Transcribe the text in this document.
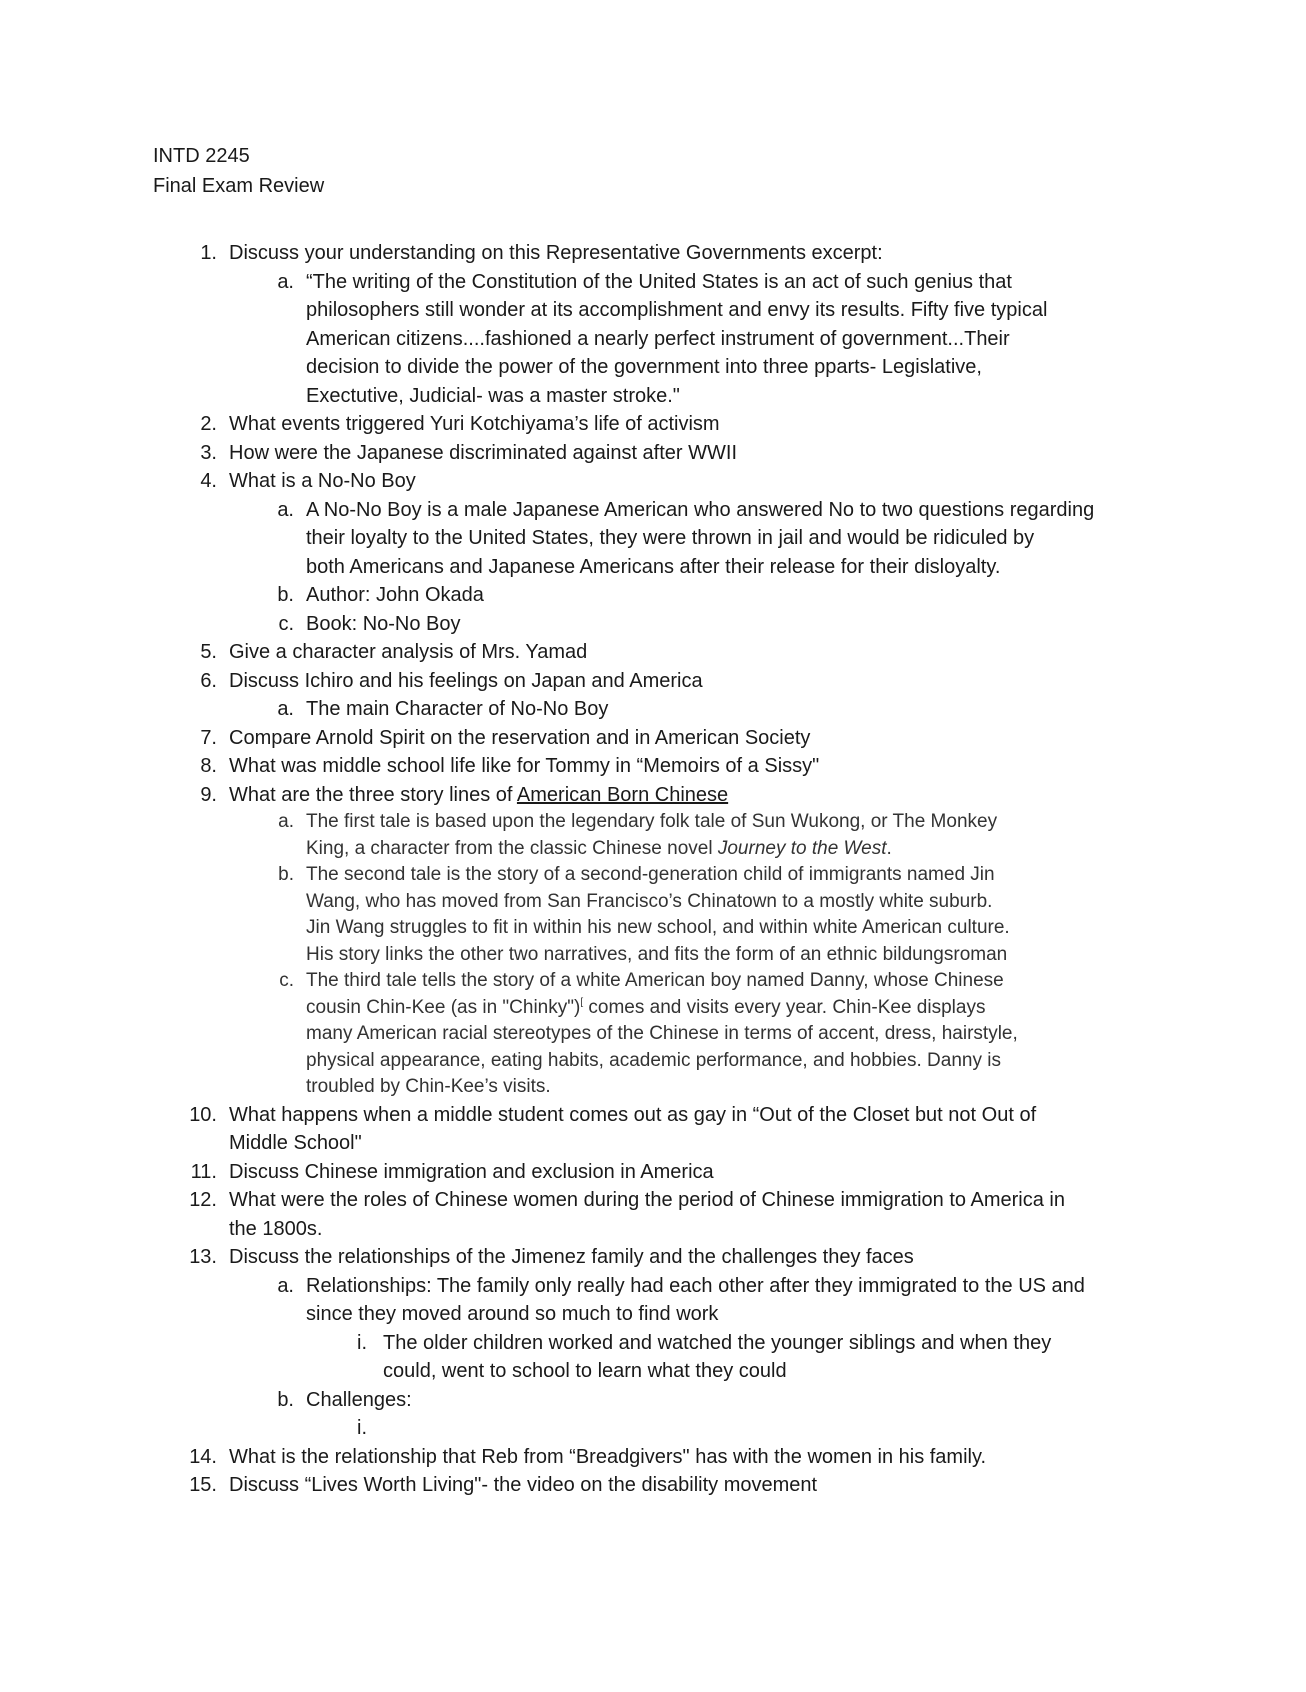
INTD 2245
Final Exam Review
1. Discuss your understanding on this Representative Governments excerpt:
a. “The writing of the Constitution of the United States is an act of such genius that
philosophers still wonder at its accomplishment and envy its results. Fifty five typical
American citizens....fashioned a nearly perfect instrument of government...Their
decision to divide the power of the government into three pparts- Legislative,
Exectutive, Judicial- was a master stroke."
2. What events triggered Yuri Kotchiyama’s life of activism
3. How were the Japanese discriminated against after WWII
4. What is a No-No Boy
a. A No-No Boy is a male Japanese American who answered No to two questions regarding
their loyalty to the United States, they were thrown in jail and would be ridiculed by
both Americans and Japanese Americans after their release for their disloyalty.
b. Author: John Okada
c. Book: No-No Boy
5. Give a character analysis of Mrs. Yamad
6. Discuss Ichiro and his feelings on Japan and America
a. The main Character of No-No Boy
7. Compare Arnold Spirit on the reservation and in American Society
8. What was middle school life like for Tommy in “Memoirs of a Sissy"
9. What are the three story lines of American Born Chinese
a. The first tale is based upon the legendary folk tale of Sun Wukong, or The Monkey
King, a character from the classic Chinese novel Journey to the West.
b. The second tale is the story of a second-generation child of immigrants named Jin
Wang, who has moved from San Francisco’s Chinatown to a mostly white suburb.
Jin Wang struggles to fit in within his new school, and within white American culture.
His story links the other two narratives, and fits the form of an ethnic bildungsroman
c. The third tale tells the story of a white American boy named Danny, whose Chinese
cousin Chin-Kee (as in "Chinky")[ comes and visits every year. Chin-Kee displays
many American racial stereotypes of the Chinese in terms of accent, dress, hairstyle,
physical appearance, eating habits, academic performance, and hobbies. Danny is
troubled by Chin-Kee’s visits.
10. What happens when a middle student comes out as gay in “Out of the Closet but not Out of
Middle School"
11. Discuss Chinese immigration and exclusion in America
12. What were the roles of Chinese women during the period of Chinese immigration to America in
the 1800s.
13. Discuss the relationships of the Jimenez family and the challenges they faces
a. Relationships: The family only really had each other after they immigrated to the US and
since they moved around so much to find work
i. The older children worked and watched the younger siblings and when they
could, went to school to learn what they could
b. Challenges:
i.
14. What is the relationship that Reb from “Breadgivers" has with the women in his family.
15. Discuss “Lives Worth Living"- the video on the disability movement
